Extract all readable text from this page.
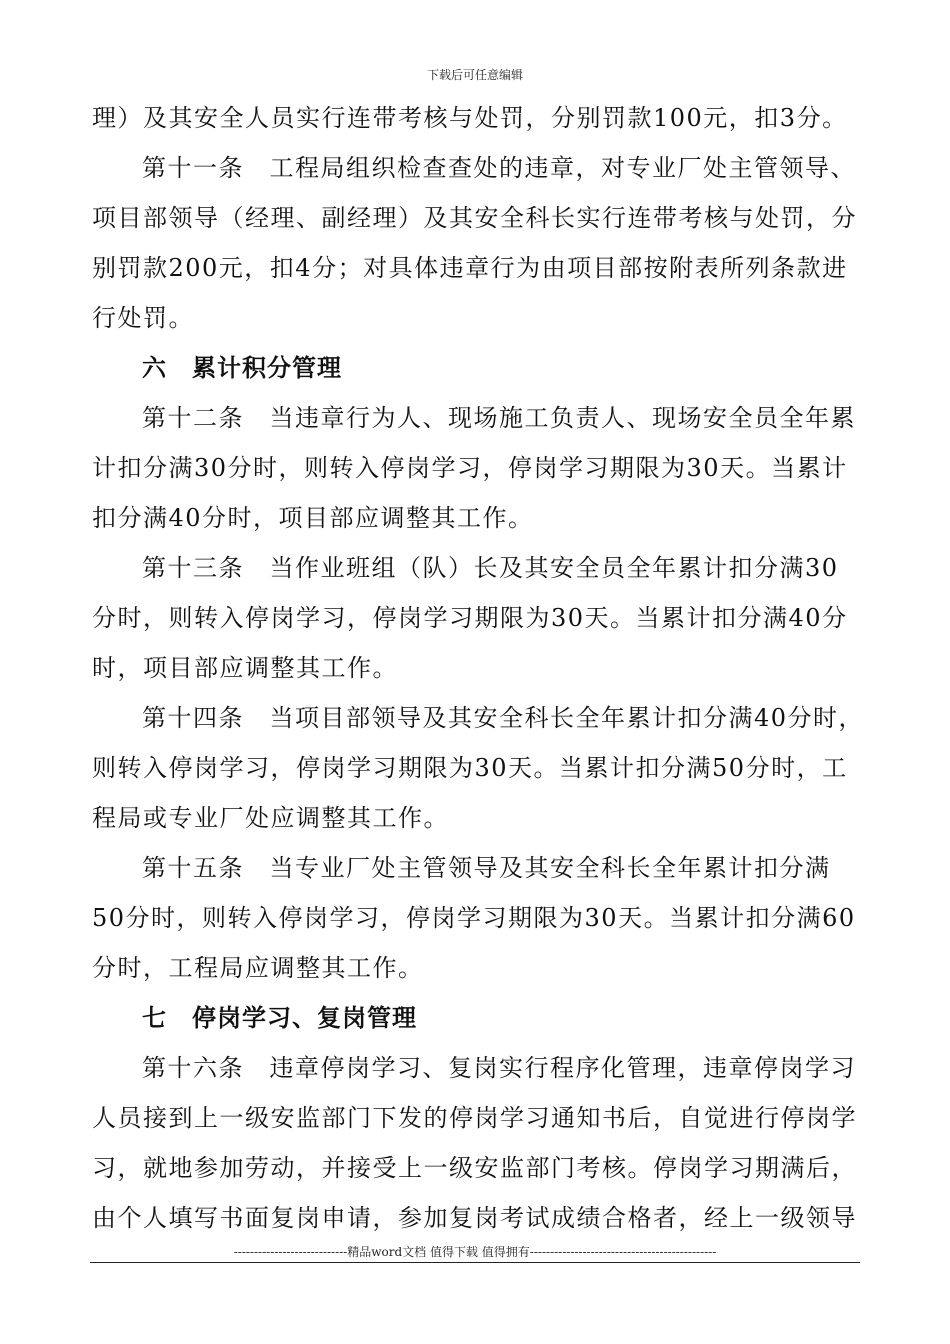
下载后可任意编辑
理）及其安全人员实行连带考核与处罚，分别罚款100元，扣3分。
第十一条　工程局组织检查查处的违章，对专业厂处主管领导、
项目部领导（经理、副经理）及其安全科长实行连带考核与处罚，分
别罚款200元，扣4分；对具体违章行为由项目部按附表所列条款进
行处罚。
六　累计积分管理
第十二条　当违章行为人、现场施工负责人、现场安全员全年累
计扣分满30分时，则转入停岗学习，停岗学习期限为30天。当累计
扣分满40分时，项目部应调整其工作。
第十三条　当作业班组（队）长及其安全员全年累计扣分满30
分时，则转入停岗学习，停岗学习期限为30天。当累计扣分满40分
时，项目部应调整其工作。
第十四条　当项目部领导及其安全科长全年累计扣分满40分时，
则转入停岗学习，停岗学习期限为30天。当累计扣分满50分时，工
程局或专业厂处应调整其工作。
第十五条　当专业厂处主管领导及其安全科长全年累计扣分满
50分时，则转入停岗学习，停岗学习期限为30天。当累计扣分满60
分时，工程局应调整其工作。
七　停岗学习、复岗管理
第十六条　违章停岗学习、复岗实行程序化管理，违章停岗学习
人员接到上一级安监部门下发的停岗学习通知书后，自觉进行停岗学
习，就地参加劳动，并接受上一级安监部门考核。停岗学习期满后，
由个人填写书面复岗申请，参加复岗考试成绩合格者，经上一级领导
----------------------------精品word文档 值得下载 值得拥有----------------------------------------------
